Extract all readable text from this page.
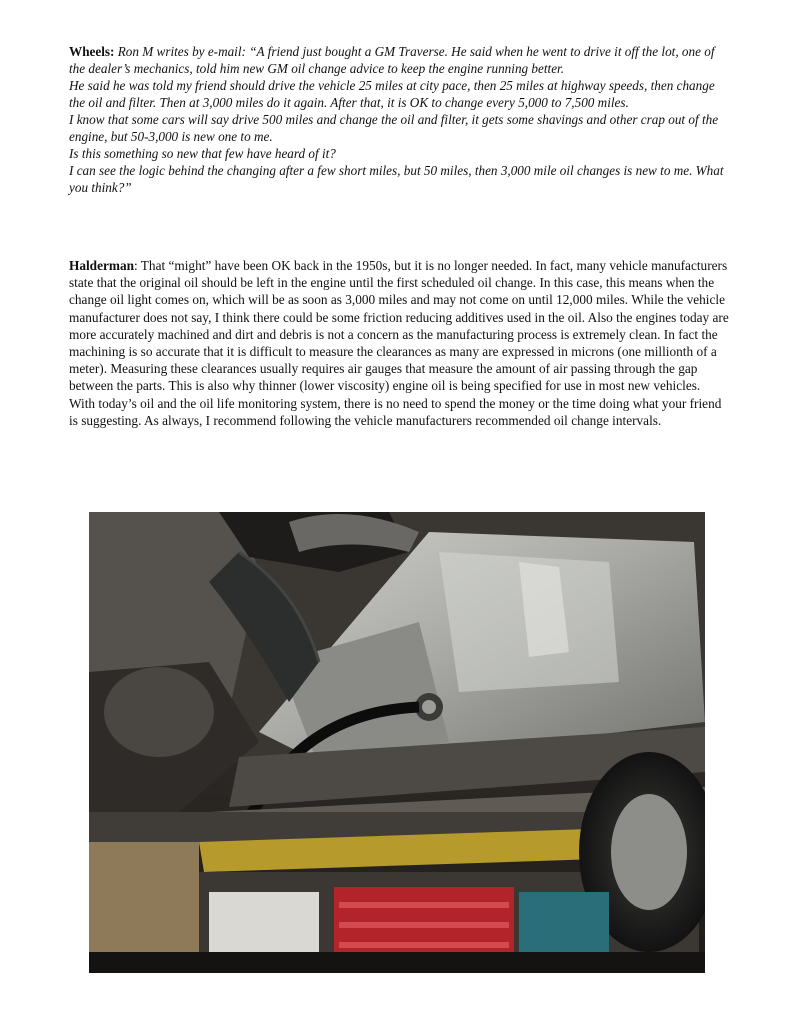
Wheels: Ron M writes by e-mail: “A friend just bought a GM Traverse. He said when he went to drive it off the lot, one of the dealer’s mechanics, told him new GM oil change advice to keep the engine running better.

He said he was told my friend should drive the vehicle 25 miles at city pace, then 25 miles at highway speeds, then change the oil and filter. Then at 3,000 miles do it again. After that, it is OK to change every 5,000 to 7,500 miles.

I know that some cars will say drive 500 miles and change the oil and filter, it gets some shavings and other crap out of the engine, but 50-3,000 is new one to me.

Is this something so new that few have heard of it?

I can see the logic behind the changing after a few short miles, but 50 miles, then 3,000 mile oil changes is new to me. What you think?”

Halderman: That “might” have been OK back in the 1950s, but it is no longer needed. In fact, many vehicle manufacturers state that the original oil should be left in the engine until the first scheduled oil change. In this case, this means when the change oil light comes on, which will be as soon as 3,000 miles and may not come on until 12,000 miles. While the vehicle manufacturer does not say, I think there could be some friction reducing additives used in the oil. Also the engines today are more accurately machined and dirt and debris is not a concern as the manufacturing process is extremely clean. In fact the machining is so accurate that it is difficult to measure the clearances as many are expressed in microns (one millionth of a meter). Measuring these clearances usually requires air gauges that measure the amount of air passing through the gap between the parts. This is also why thinner (lower viscosity) engine oil is being specified for use in most new vehicles. With today’s oil and the oil life monitoring system, there is no need to spend the money or the time doing what your friend is suggesting. As always, I recommend following the vehicle manufacturers recommended oil change intervals.
